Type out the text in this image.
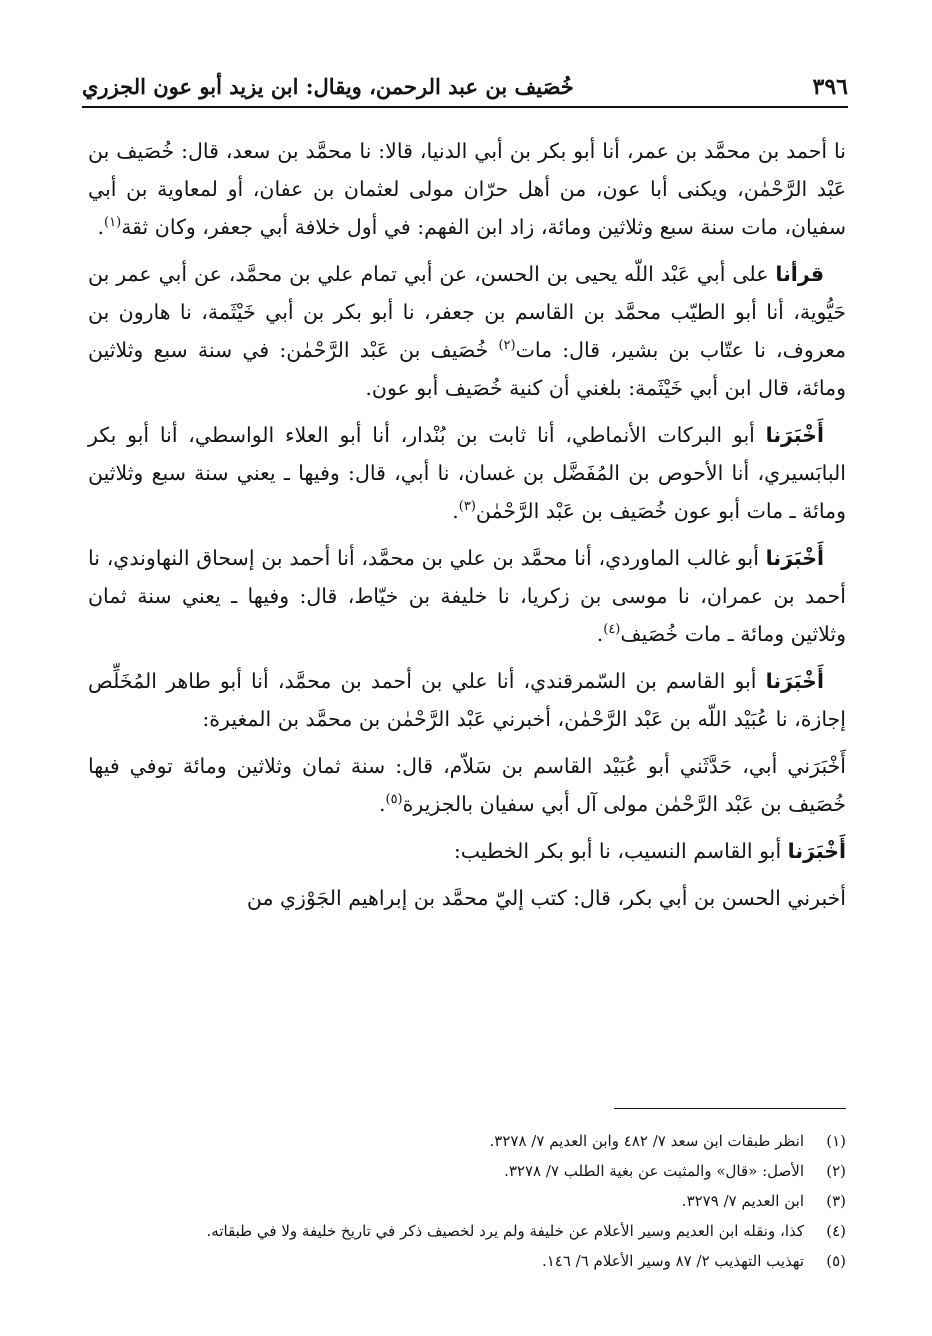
٣٩٦
خُصَيف بن عبد الرحمن، ويقال: ابن يزيد أبو عون الجزري

نا أحمد بن محمَّد بن عمر، أنا أبو بكر بن أبي الدنيا، قالا: نا محمَّد بن سعد، قال: خُصَيف بن عَبْد الرَّحْمٰن، ويكنى أبا عون، من أهل حرّان مولى لعثمان بن عفان، أو لمعاوية بن أبي سفيان، مات سنة سبع وثلاثين ومائة، زاد ابن الفهم: في أول خلافة أبي جعفر، وكان ثقة$^{(١)}$.

قرأنا على أبي عَبْد اللّه يحيى بن الحسن، عن أبي تمام علي بن محمَّد، عن أبي عمر بن حَيُّوية، أنا أبو الطيّب محمَّد بن القاسم بن جعفر، نا أبو بكر بن أبي خَيْثَمة، نا هارون بن معروف، نا عتّاب بن بشير، قال: مات$^{(٢)}$ خُصَيف بن عَبْد الرَّحْمٰن: في سنة سبع وثلاثين ومائة، قال ابن أبي خَيْثَمة: بلغني أن كنية خُصَيف أبو عون.

أَخْبَرَنا أبو البركات الأنماطي، أنا ثابت بن بُنْدار، أنا أبو العلاء الواسطي، أنا أبو بكر البابَسيري، أنا الأحوص بن المُفَضَّل بن غسان، نا أبي، قال: وفيها ـ يعني سنة سبع وثلاثين ومائة ـ مات أبو عون خُصَيف بن عَبْد الرَّحْمٰن$^{(٣)}$.

أَخْبَرَنا أبو غالب الماوردي، أنا محمَّد بن علي بن محمَّد، أنا أحمد بن إسحاق النهاوندي، نا أحمد بن عمران، نا موسى بن زكريا، نا خليفة بن خيّاط، قال: وفيها ـ يعني سنة ثمان وثلاثين ومائة ـ مات خُصَيف$^{(٤)}$.

أَخْبَرَنا أبو القاسم بن السّمرقندي، أنا علي بن أحمد بن محمَّد، أنا أبو طاهر المُخَلِّص إجازة، نا عُبَيْد اللّه بن عَبْد الرَّحْمٰن، أخبرني عَبْد الرَّحْمٰن بن محمَّد بن المغيرة:

أَخْبَرَني أبي، حَدَّثَني أبو عُبَيْد القاسم بن سَلاّم، قال: سنة ثمان وثلاثين ومائة توفي فيها خُصَيف بن عَبْد الرَّحْمٰن مولى آل أبي سفيان بالجزيرة$^{(٥)}$.

أَخْبَرَنا أبو القاسم النسيب، نا أبو بكر الخطيب:

أخبرني الحسن بن أبي بكر، قال: كتب إليّ محمَّد بن إبراهيم الجَوْزي من

(١)
انظر طبقات ابن سعد ٧/ ٤٨٢ وابن العديم ٧/ ٣٢٧٨.
(٢)
الأصل: «قال» والمثبت عن بغية الطلب ٧/ ٣٢٧٨.
(٣)
ابن العديم ٧/ ٣٢٧٩.
(٤)
كذا، ونقله ابن العديم وسير الأعلام عن خليفة ولم يرد لخصيف ذكر في تاريخ خليفة ولا في طبقاته.
(٥)
تهذيب التهذيب ٢/ ٨٧ وسير الأعلام ٦/ ١٤٦.
